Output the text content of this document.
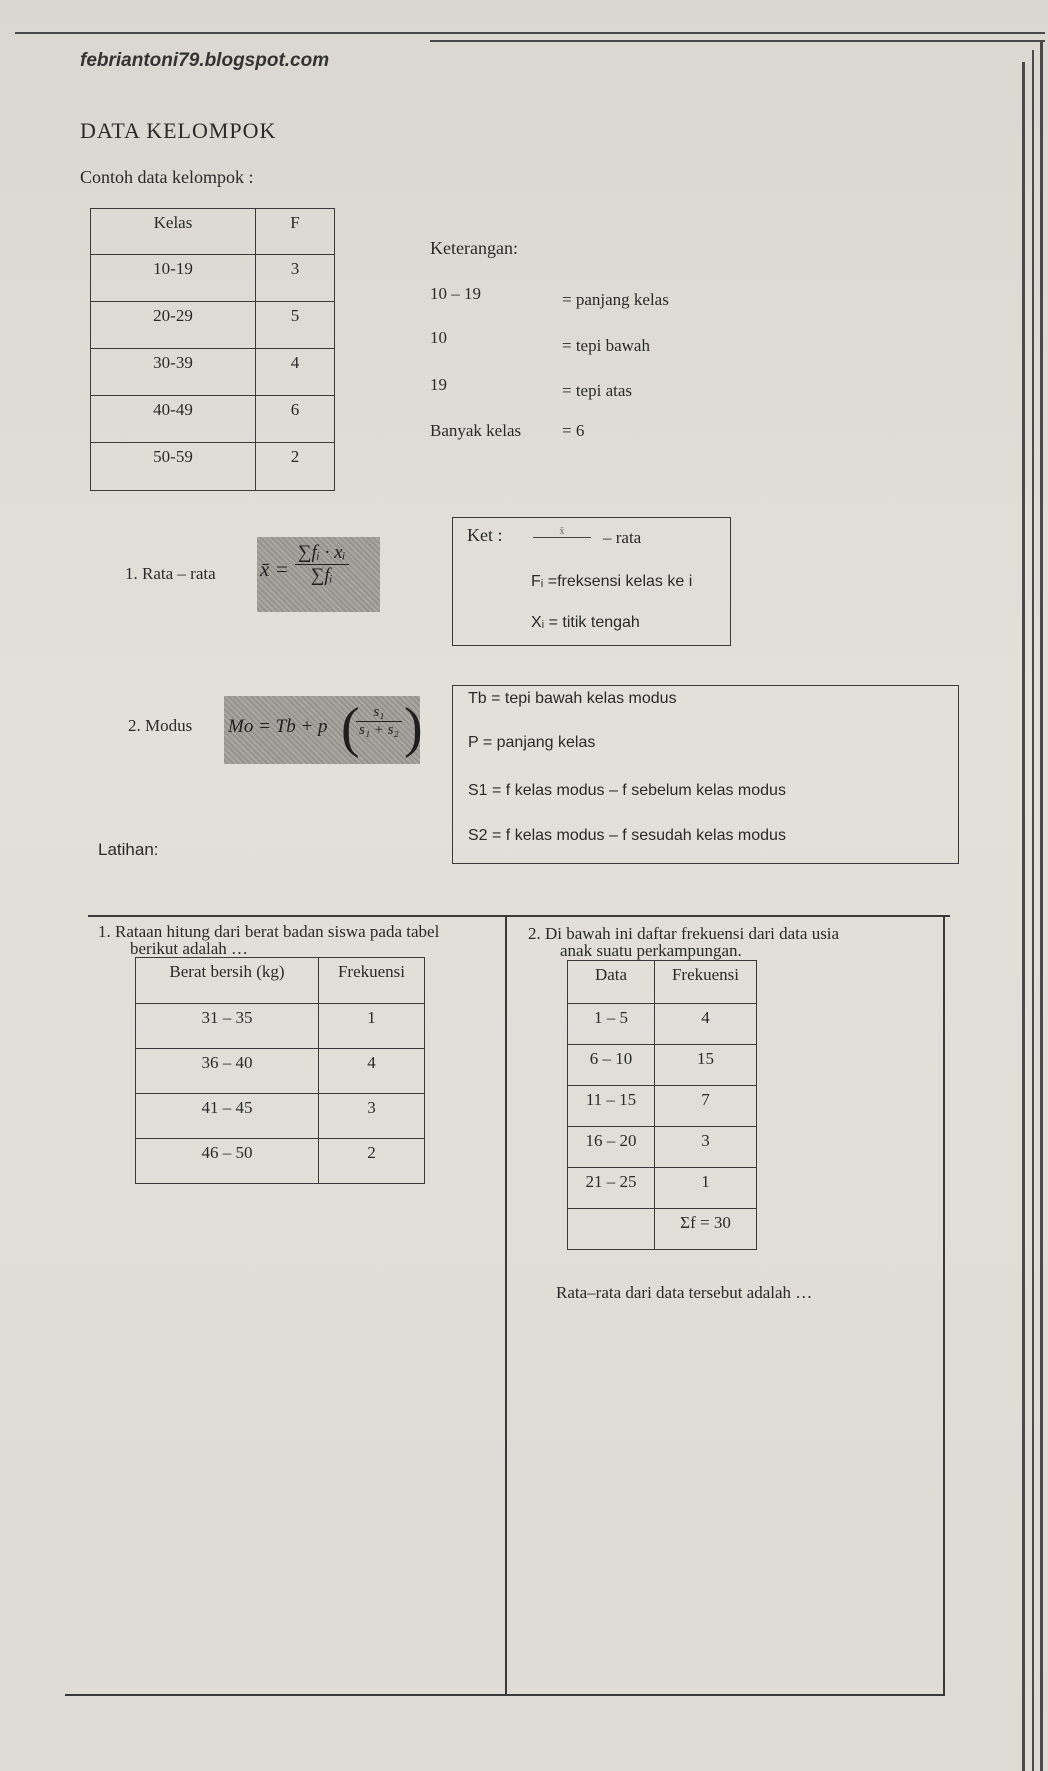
febriantoni79.blogspot.com
DATA KELOMPOK
Contoh data kelompok :
Kelas	F
10-19	3
20-29	5
30-39	4
40-49	6
50-59	2
Keterangan:
10 – 19	= panjang kelas
10	= tepi bawah
19	= tepi atas
Banyak kelas = 6
1. Rata – rata x̄ = $\frac{\text{∑fᵢ · xᵢ}}{\text{∑fᵢ}}$
Ket :	x̄	– rata
Fᵢ =freksensi kelas ke i
Xᵢ = titik tengah
2. Modus Mo = Tb + p (
$\frac{\text{s₁}}{\text{s₁ + s₂}}$ )	Tb = tepi bawah kelas modus
P = panjang kelas
S1 = f kelas modus – f sebelum kelas modus
S2 = f kelas modus – f sesudah kelas modus
Latihan:
1. Rataan hitung dari berat badan siswa pada tabel
berikut adalah …
Berat bersih (kg)	Frekuensi
31 – 35	1
36 – 40	4
41 – 45	3
46 – 50	2
2. Di bawah ini daftar frekuensi dari data usia
anak suatu perkampungan.
Data	Frekuensi
1 – 5	4
6 – 10	15
11 – 15	7
16 – 20	3
21 – 25	1
	Σf = 30
Rata–rata dari data tersebut adalah …
